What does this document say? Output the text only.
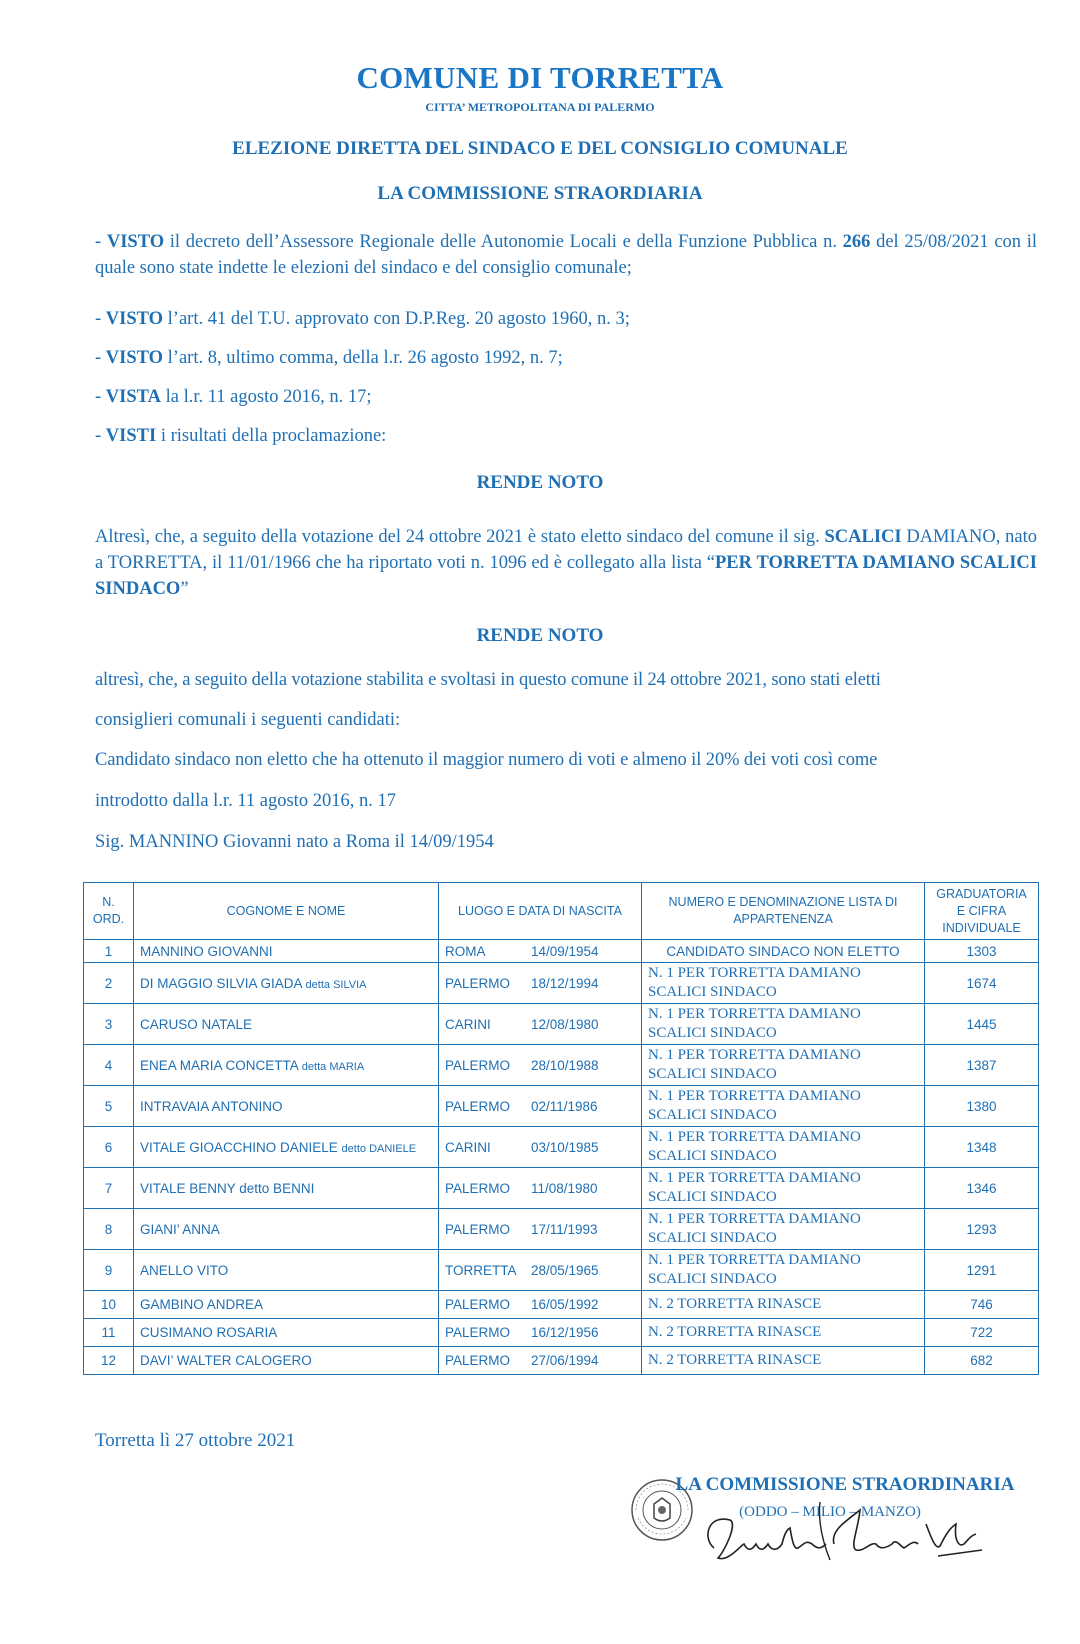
COMUNE DI TORRETTA
CITTA’ METROPOLITANA DI PALERMO
ELEZIONE DIRETTA DEL SINDACO E DEL CONSIGLIO COMUNALE
LA COMMISSIONE STRAORDIARIA
- VISTO il decreto dell’Assessore Regionale delle Autonomie Locali e della Funzione Pubblica n. 266 del 25/08/2021 con il quale sono state indette le elezioni del sindaco e del consiglio comunale;
- VISTO l’art. 41 del T.U. approvato con D.P.Reg. 20 agosto 1960, n. 3;
- VISTO l’art. 8, ultimo comma, della l.r. 26 agosto 1992, n. 7;
- VISTA la l.r. 11 agosto 2016, n. 17;
- VISTI i risultati della proclamazione:
RENDE NOTO
Altresì, che, a seguito della votazione del 24 ottobre 2021 è stato eletto sindaco del comune il sig. SCALICI DAMIANO, nato a TORRETTA, il 11/01/1966 che ha riportato voti n. 1096 ed è collegato alla lista “PER TORRETTA DAMIANO SCALICI SINDACO”
RENDE NOTO
altresì, che, a seguito della votazione stabilita e svoltasi in questo comune il 24 ottobre 2021, sono stati eletti
consiglieri comunali i seguenti candidati:
Candidato sindaco non eletto che ha ottenuto il maggior numero di voti e almeno il 20% dei voti così come
introdotto dalla l.r. 11 agosto 2016, n. 17
Sig. MANNINO Giovanni nato a Roma il 14/09/1954
N. ORD.	COGNOME E NOME	LUOGO E DATA DI NASCITA	NUMERO E DENOMINAZIONE LISTA DI APPARTENENZA	GRADUATORIA E CIFRA INDIVIDUALE
1	MANNINO GIOVANNI	ROMA 14/09/1954	CANDIDATO SINDACO NON ELETTO	1303
2	DI MAGGIO SILVIA GIADA detta SILVIA	PALERMO 18/12/1994	N. 1 PER TORRETTA DAMIANO SCALICI SINDACO	1674
3	CARUSO NATALE	CARINI 12/08/1980	N. 1 PER TORRETTA DAMIANO SCALICI SINDACO	1445
4	ENEA MARIA CONCETTA detta MARIA	PALERMO 28/10/1988	N. 1 PER TORRETTA DAMIANO SCALICI SINDACO	1387
5	INTRAVAIA ANTONINO	PALERMO 02/11/1986	N. 1 PER TORRETTA DAMIANO SCALICI SINDACO	1380
6	VITALE GIOACCHINO DANIELE detto DANIELE	CARINI 03/10/1985	N. 1 PER TORRETTA DAMIANO SCALICI SINDACO	1348
7	VITALE BENNY detto BENNI	PALERMO 11/08/1980	N. 1 PER TORRETTA DAMIANO SCALICI SINDACO	1346
8	GIANI’ ANNA	PALERMO 17/11/1993	N. 1 PER TORRETTA DAMIANO SCALICI SINDACO	1293
9	ANELLO VITO	TORRETTA 28/05/1965	N. 1 PER TORRETTA DAMIANO SCALICI SINDACO	1291
10	GAMBINO ANDREA	PALERMO 16/05/1992	N. 2 TORRETTA RINASCE	746
11	CUSIMANO ROSARIA	PALERMO 16/12/1956	N. 2 TORRETTA RINASCE	722
12	DAVI’ WALTER CALOGERO	PALERMO 27/06/1994	N. 2 TORRETTA RINASCE	682
Torretta lì 27 ottobre 2021
LA COMMISSIONE STRAORDINARIA
(ODDO – MILIO – MANZO)
